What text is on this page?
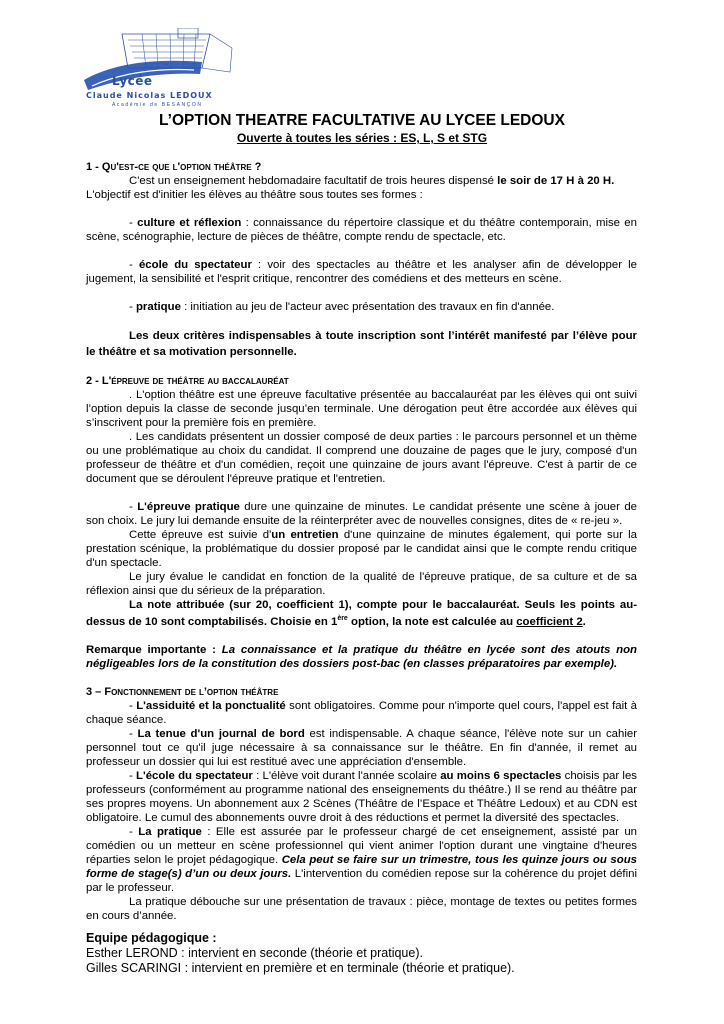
Lycée
Claude Nicolas LEDOUX
Académie de BESANÇON
L’OPTION THEATRE FACULTATIVE AU LYCEE LEDOUX
Ouverte à toutes les séries : ES, L, S et STG

1 - Qu'est-ce que l'option théâtre ?

C'est un enseignement hebdomadaire facultatif de trois heures dispensé le soir de 17 H à 20 H.

L'objectif est d'initier les élèves au théâtre sous toutes ses formes :

- culture et réflexion : connaissance du répertoire classique et du théâtre contemporain, mise en scène, scénographie, lecture de pièces de théâtre, compte rendu de spectacle, etc.

- école du spectateur : voir des spectacles au théâtre et les analyser afin de développer le jugement, la sensibilité et l'esprit critique, rencontrer des comédiens et des metteurs en scène.

- pratique : initiation au jeu de l'acteur avec présentation des travaux en fin d'année.

Les deux critères indispensables à toute inscription sont l’intérêt manifesté par l’élève pour le théâtre et sa motivation personnelle.

2 - L'épreuve de théâtre au baccalauréat

. L'option théâtre est une épreuve facultative présentée au baccalauréat par les élèves qui ont suivi l’option depuis la classe de seconde jusqu’en terminale. Une dérogation peut être accordée aux élèves qui s’inscrivent pour la première fois en première.

. Les candidats présentent un dossier composé de deux parties : le parcours personnel et un thème ou une problématique au choix du candidat. Il comprend une douzaine de pages que le jury, composé d'un professeur de théâtre et d'un comédien, reçoit une quinzaine de jours avant l'épreuve. C'est à partir de ce document que se déroulent l'épreuve pratique et l'entretien.

- L'épreuve pratique dure une quinzaine de minutes. Le candidat présente une scène à jouer de son choix. Le jury lui demande ensuite de la réinterpréter avec de nouvelles consignes, dites de « re-jeu ».

Cette épreuve est suivie d'un entretien d'une quinzaine de minutes également, qui porte sur la prestation scénique, la problématique du dossier proposé par le candidat ainsi que le compte rendu critique d'un spectacle.

Le jury évalue le candidat en fonction de la qualité de l'épreuve pratique, de sa culture et de sa réflexion ainsi que du sérieux de la préparation.

La note attribuée (sur 20, coefficient 1), compte pour le baccalauréat. Seuls les points au-dessus de 10 sont comptabilisés. Choisie en 1ère option, la note est calculée au coefficient 2.

Remarque importante : La connaissance et la pratique du théâtre en lycée sont des atouts non négligeables lors de la constitution des dossiers post-bac (en classes préparatoires par exemple).

3 – Fonctionnement de l’option théâtre

- L'assiduité et la ponctualité sont obligatoires. Comme pour n'importe quel cours, l'appel est fait à chaque séance.

- La tenue d'un journal de bord est indispensable. A chaque séance, l'élève note sur un cahier personnel tout ce qu'il juge nécessaire à sa connaissance sur le théâtre. En fin d'année, il remet au professeur un dossier qui lui est restitué avec une appréciation d'ensemble.

- L'école du spectateur : L'élève voit durant l'année scolaire au moins 6 spectacles choisis par les professeurs (conformément au programme national des enseignements du théâtre.) Il se rend au théâtre par ses propres moyens. Un abonnement aux 2 Scènes (Théâtre de l’Espace et Théâtre Ledoux) et au CDN est obligatoire. Le cumul des abonnements ouvre droit à des réductions et permet la diversité des spectacles.

- La pratique : Elle est assurée par le professeur chargé de cet enseignement, assisté par un comédien ou un metteur en scène professionnel qui vient animer l'option durant une vingtaine d'heures réparties selon le projet pédagogique. Cela peut se faire sur un trimestre, tous les quinze jours ou sous forme de stage(s) d’un ou deux jours. L'intervention du comédien repose sur la cohérence du projet défini par le professeur.

La pratique débouche sur une présentation de travaux : pièce, montage de textes ou petites formes en cours d’année.

Equipe pédagogique :

Esther LEROND : intervient en seconde (théorie et pratique).

Gilles SCARINGI : intervient en première et en terminale (théorie et pratique).
